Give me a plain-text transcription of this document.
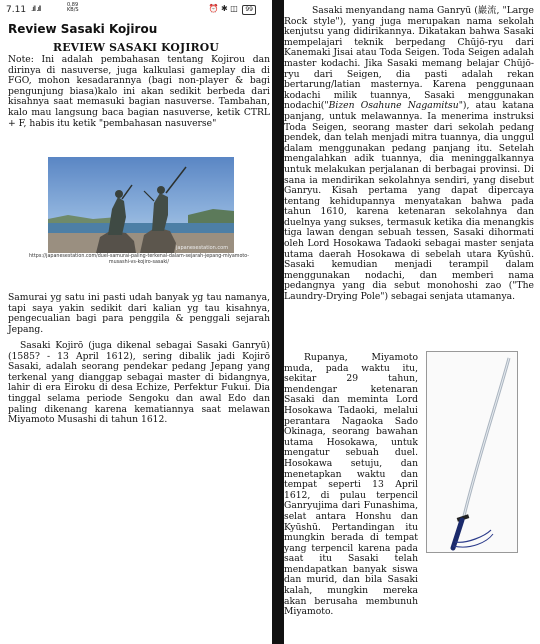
7.11 .ıll .ıll	0,89
KB/S	⏰ ✱ ◫ 99
Review Sasaki Kojirou
REVIEW SASAKI KOJIROU

Note: Ini adalah pembahasan tentang Kojirou dan dirinya di nasuverse, juga kalkulasi gameplay dia di FGO, mohon kesadarannya (bagi non-player & bagi pengunjung biasa)kalo ini akan sedikit berbeda dari kisahnya saat memasuki bagian nasuverse. Tambahan, kalo mau langsung baca bagian nasuverse, ketik CTRL + F, habis itu ketik "pembahasan nasuverse"

japanesestation.com
https://japanesestation.com/duel-samurai-paling-terkenal-dalam-sejarah-jepang-miyamoto-musashi-vs-kojiro-sasaki/

Samurai yg satu ini pasti udah banyak yg tau namanya, tapi saya yakin sedikit dari kalian yg tau kisahnya, pengecualian bagi para penggila & penggali sejarah Jepang.

Sasaki Kojirō (juga dikenal sebagai Sasaki Ganryū) (1585? - 13 April 1612), sering dibalik jadi Kojirō Sasaki, adalah seorang pendekar pedang Jepang yang terkenal yang dianggap sebagai master di bidangnya, lahir di era Eiroku di desa Echize, Perfektur Fukui. Dia tinggal selama periode Sengoku dan awal Edo dan paling dikenang karena kematiannya saat melawan Miyamoto Musashi di tahun 1612.

Sasaki menyandang nama Ganryū (巖流, "Large Rock style"), yang juga merupakan nama sekolah kenjutsu yang didirikannya. Dikatakan bahwa Sasaki mempelajari teknik berpedang Chūjō-ryu dari Kanemaki Jisai atau Toda Seigen. Toda Seigen adalah master kodachi. Jika Sasaki memang belajar Chūjō-ryu dari Seigen, dia pasti adalah rekan bertarung/latian masternya. Karena penggunaan kodachi milik tuannya, Sasaki menggunakan nodachi("Bizen Osahune Nagamitsu"), atau katana panjang, untuk melawannya. Ia menerima instruksi Toda Seigen, seorang master dari sekolah pedang pendek, dan telah menjadi mitra tuannya, dia unggul dalam menggunakan pedang panjang itu. Setelah mengalahkan adik tuannya, dia meninggalkannya untuk melakukan perjalanan di berbagai provinsi. Di sana ia mendirikan sekolahnya sendiri, yang disebut Ganryu. Kisah pertama yang dapat dipercaya tentang kehidupannya menyatakan bahwa pada tahun 1610, karena ketenaran sekolahnya dan duelnya yang sukses, termasuk ketika dia menangkis tiga lawan dengan sebuah tessen, Sasaki dihormati oleh Lord Hosokawa Tadaoki sebagai master senjata utama daerah Hosokawa di sebelah utara Kyūshū. Sasaki kemudian menjadi terampil dalam menggunakan nodachi, dan memberi nama pedangnya yang dia sebut monohoshi zao ("The Laundry-Drying Pole") sebagai senjata utamanya.

Rupanya, Miyamoto muda, pada waktu itu, sekitar 29 tahun, mendengar ketenaran Sasaki dan meminta Lord Hosokawa Tadaoki, melalui perantara Nagaoka Sado Okinaga, seorang bawahan utama Hosokawa, untuk mengatur sebuah duel. Hosokawa setuju, dan menetapkan waktu dan tempat seperti 13 April 1612, di pulau terpencil Ganryujima dari Funashima, selat antara Honshu dan Kyūshū. Pertandingan itu mungkin berada di tempat yang terpencil karena pada saat itu Sasaki telah mendapatkan banyak siswa dan murid, dan bila Sasaki kalah, mungkin mereka akan berusaha membunuh Miyamoto.
